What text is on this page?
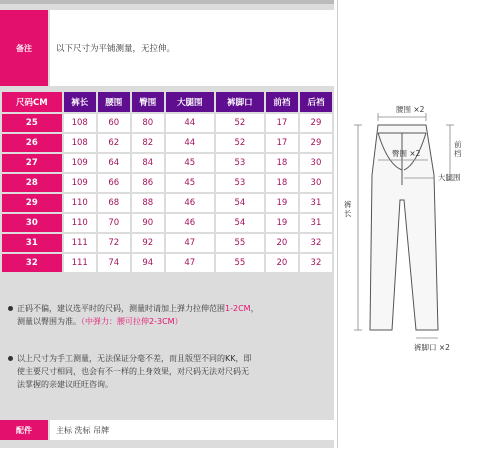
备注	以下尺寸为平铺测量，无拉伸。
尺码CM	裤长	腰围	臀围	大腿围	裤脚口	前裆	后裆
25	108	60	80	44	52	17	29
26	108	62	82	44	52	17	29
27	109	64	84	45	53	18	30
28	109	66	86	45	53	18	30
29	110	68	88	46	54	19	31
30	110	70	90	46	54	19	31
31	111	72	92	47	55	20	32
32	111	74	94	47	55	20	32
正码不偏，建议选平时的尺码，测量时请加上弹力拉伸范围1-2CM，
测量以臀围为准。（中弹力：腰可拉伸2-3CM）
以上尺寸为手工测量，无法保证分毫不差，而且版型不同的KK，即
使主要尺寸相同，也会有不一样的上身效果，对尺码无法对尺码无
法掌握的亲建议旺旺咨询。
配件	主标 洗标 吊牌
腰围 ×2
臀围 ×2
大腿围
前档
裤长
裤脚口 ×2
